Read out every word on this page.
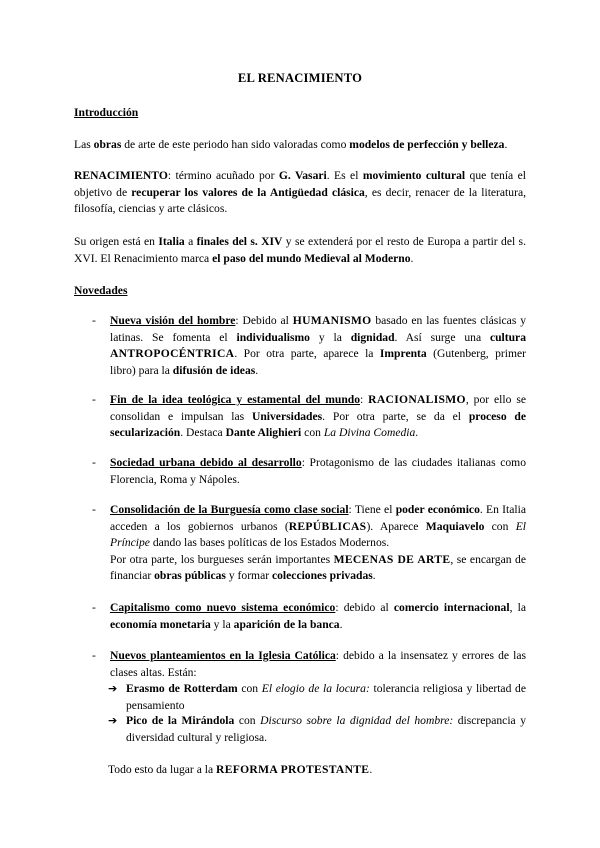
EL RENACIMIENTO
Introducción
Las obras de arte de este periodo han sido valoradas como modelos de perfección y belleza.
RENACIMIENTO: término acuñado por G. Vasari. Es el movimiento cultural que tenía el objetivo de recuperar los valores de la Antigüedad clásica, es decir, renacer de la literatura, filosofía, ciencias y arte clásicos.
Su origen está en Italia a finales del s. XIV y se extenderá por el resto de Europa a partir del s. XVI. El Renacimiento marca el paso del mundo Medieval al Moderno.
Novedades
- Nueva visión del hombre: Debido al HUMANISMO basado en las fuentes clásicas y latinas. Se fomenta el individualismo y la dignidad. Así surge una cultura ANTROPOCÉNTRICA. Por otra parte, aparece la Imprenta (Gutenberg, primer libro) para la difusión de ideas.
- Fin de la idea teológica y estamental del mundo: RACIONALISMO, por ello se consolidan e impulsan las Universidades. Por otra parte, se da el proceso de secularización. Destaca Dante Alighieri con La Divina Comedia.
- Sociedad urbana debido al desarrollo: Protagonismo de las ciudades italianas como Florencia, Roma y Nápoles.
- Consolidación de la Burguesía como clase social: Tiene el poder económico. En Italia acceden a los gobiernos urbanos (REPÚBLICAS). Aparece Maquiavelo con El Príncipe dando las bases políticas de los Estados Modernos.
Por otra parte, los burgueses serán importantes MECENAS DE ARTE, se encargan de financiar obras públicas y formar colecciones privadas.
- Capitalismo como nuevo sistema económico: debido al comercio internacional, la economía monetaria y la aparición de la banca.
- Nuevos planteamientos en la Iglesia Católica: debido a la insensatez y errores de las clases altas. Están:
➔ Erasmo de Rotterdam con El elogio de la locura: tolerancia religiosa y libertad de pensamiento
➔ Pico de la Mirándola con Discurso sobre la dignidad del hombre: discrepancia y diversidad cultural y religiosa.
Todo esto da lugar a la REFORMA PROTESTANTE.
